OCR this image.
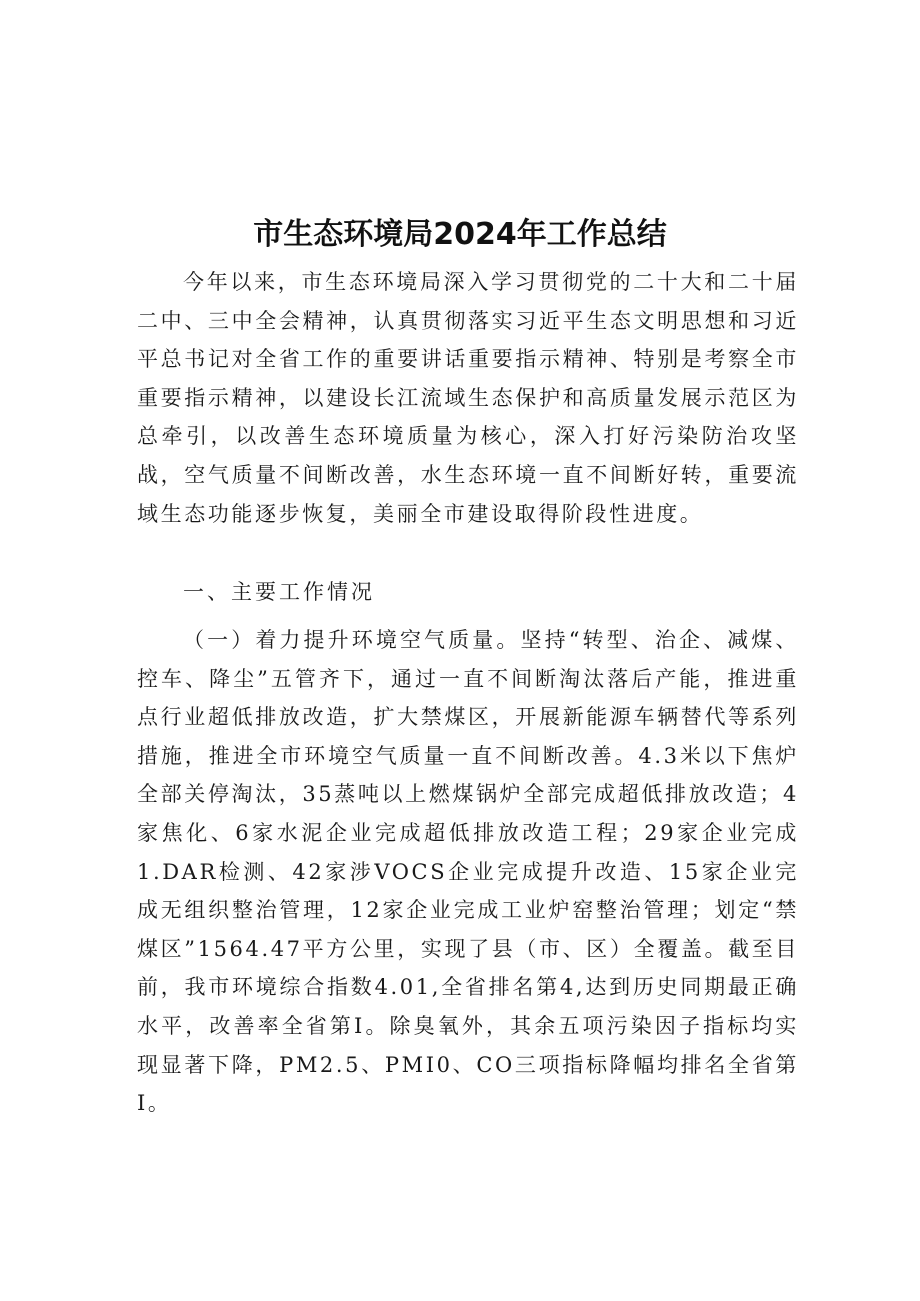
市生态环境局2024年工作总结

今年以来，市生态环境局深入学习贯彻党的二十大和二十届二中、三中全会精神，认真贯彻落实习近平生态文明思想和习近平总书记对全省工作的重要讲话重要指示精神、特别是考察全市重要指示精神，以建设长江流域生态保护和高质量发展示范区为总牵引，以改善生态环境质量为核心，深入打好污染防治攻坚战，空气质量不间断改善，水生态环境一直不间断好转，重要流域生态功能逐步恢复，美丽全市建设取得阶段性进度。

一、主要工作情况

（一）着力提升环境空气质量。坚持“转型、治企、减煤、控车、降尘”五管齐下，通过一直不间断淘汰落后产能，推进重点行业超低排放改造，扩大禁煤区，开展新能源车辆替代等系列措施，推进全市环境空气质量一直不间断改善。4.3米以下焦炉全部关停淘汰，35蒸吨以上燃煤锅炉全部完成超低排放改造；4家焦化、6家水泥企业完成超低排放改造工程；29家企业完成1.DAR检测、42家涉VOCS企业完成提升改造、15家企业完成无组织整治管理，12家企业完成工业炉窑整治管理；划定“禁煤区”1564.47平方公里，实现了县（市、区）全覆盖。截至目前，我市环境综合指数4.01,全省排名第4,达到历史同期最正确水平，改善率全省第I。除臭氧外，其余五项污染因子指标均实现显著下降，PM2.5、PMI0、CO三项指标降幅均排名全省第I。
